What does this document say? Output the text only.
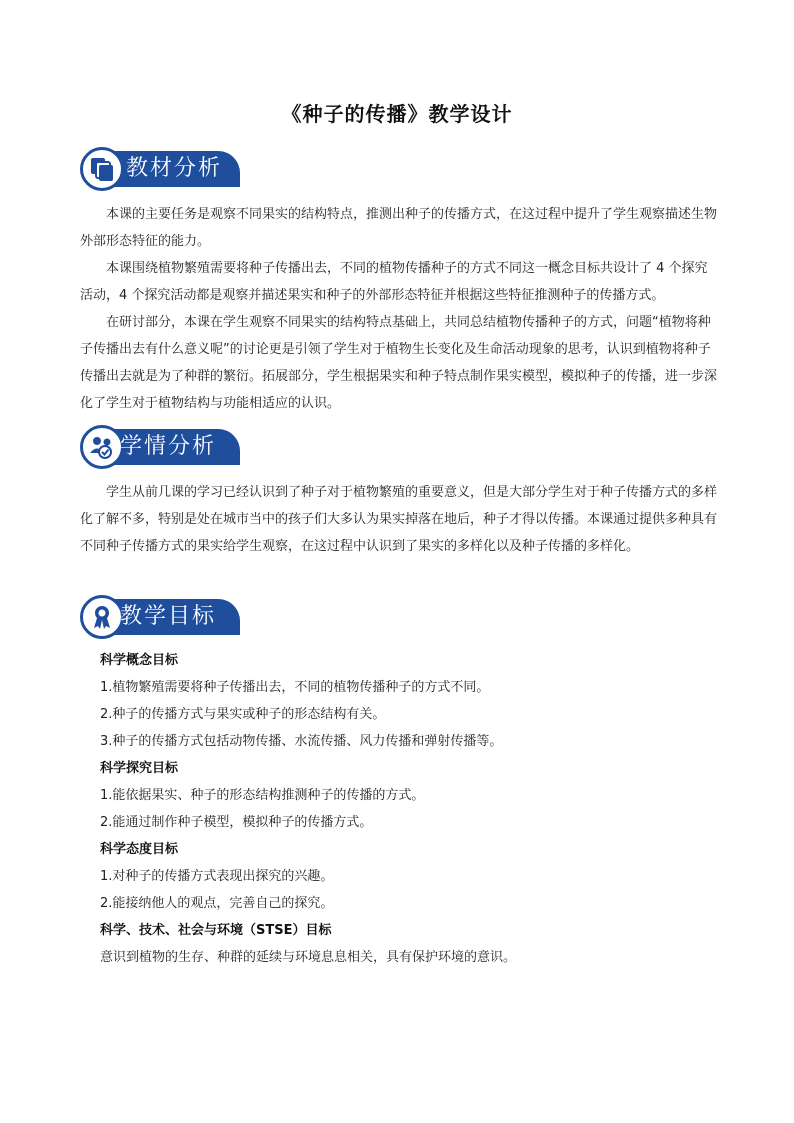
《种子的传播》教学设计
教材分析

本课的主要任务是观察不同果实的结构特点，推测出种子的传播方式，在这过程中提升了学生观察描述生物外部形态特征的能力。

本课围绕植物繁殖需要将种子传播出去，不同的植物传播种子的方式不同这一概念目标共设计了 4 个探究活动，4 个探究活动都是观察并描述果实和种子的外部形态特征并根据这些特征推测种子的传播方式。

在研讨部分，本课在学生观察不同果实的结构特点基础上，共同总结植物传播种子的方式，问题“植物将种子传播出去有什么意义呢”的讨论更是引领了学生对于植物生长变化及生命活动现象的思考，认识到植物将种子传播出去就是为了种群的繁衍。拓展部分，学生根据果实和种子特点制作果实模型，模拟种子的传播，进一步深化了学生对于植物结构与功能相适应的认识。

学情分析

学生从前几课的学习已经认识到了种子对于植物繁殖的重要意义，但是大部分学生对于种子传播方式的多样化了解不多，特别是处在城市当中的孩子们大多认为果实掉落在地后，种子才得以传播。本课通过提供多种具有不同种子传播方式的果实给学生观察，在这过程中认识到了果实的多样化以及种子传播的多样化。

教学目标
科学概念目标
1.植物繁殖需要将种子传播出去，不同的植物传播种子的方式不同。
2.种子的传播方式与果实或种子的形态结构有关。
3.种子的传播方式包括动物传播、水流传播、风力传播和弹射传播等。
科学探究目标
1.能依据果实、种子的形态结构推测种子的传播的方式。
2.能通过制作种子模型，模拟种子的传播方式。
科学态度目标
1.对种子的传播方式表现出探究的兴趣。
2.能接纳他人的观点，完善自己的探究。
科学、技术、社会与环境（STSE）目标
意识到植物的生存、种群的延续与环境息息相关，具有保护环境的意识。
